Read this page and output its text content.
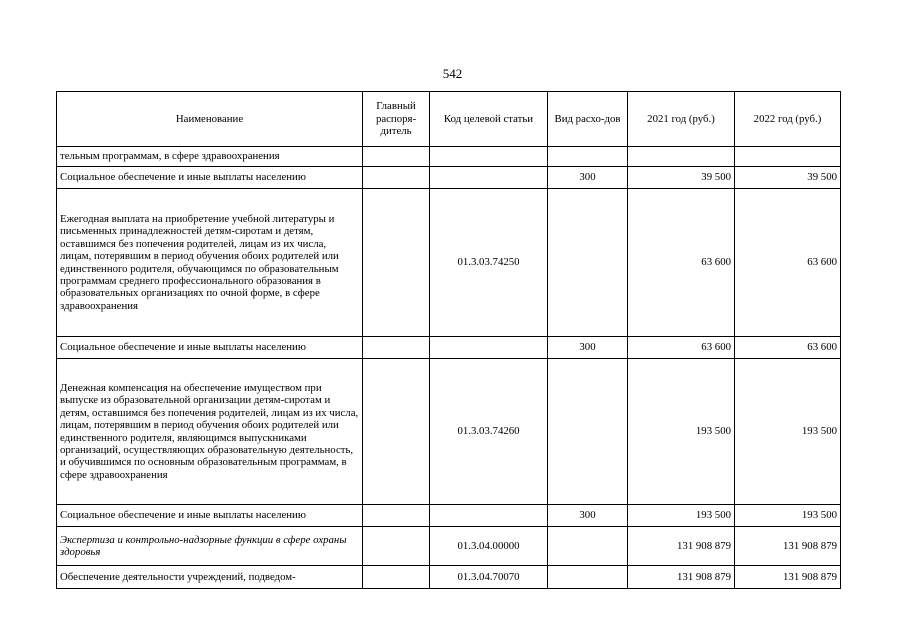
542
Наименование	Главный распоря-дитель	Код целевой статьи	Вид расхо-дов	2021 год (руб.)	2022 год (руб.)
тельным программам, в сфере здравоохранения					
Социальное обеспечение и иные выплаты населению			300	39 500	39 500
Ежегодная выплата на приобретение учебной литературы и письменных принадлежностей детям-сиротам и детям, оставшимся без попечения родителей, лицам из их числа, лицам, потерявшим в период обучения обоих родителей или единственного родителя, обучающимся по образовательным программам среднего профессионального образования в образовательных организациях по очной форме, в сфере здравоохранения		01.3.03.74250		63 600	63 600
Социальное обеспечение и иные выплаты населению			300	63 600	63 600
Денежная компенсация на обеспечение имуществом при выпуске из образовательной организации детям-сиротам и детям, оставшимся без попечения родителей, лицам из их числа, лицам, потерявшим в период обучения обоих родителей или единственного родителя, являющимся выпускниками организаций, осуществляющих образовательную деятельность, и обучившимся по основным образовательным программам, в сфере здравоохранения		01.3.03.74260		193 500	193 500
Социальное обеспечение и иные выплаты населению			300	193 500	193 500
Экспертиза и контрольно-надзорные функции в сфере охраны здоровья		01.3.04.00000		131 908 879	131 908 879
Обеспечение деятельности учреждений, подведом-		01.3.04.70070		131 908 879	131 908 879
